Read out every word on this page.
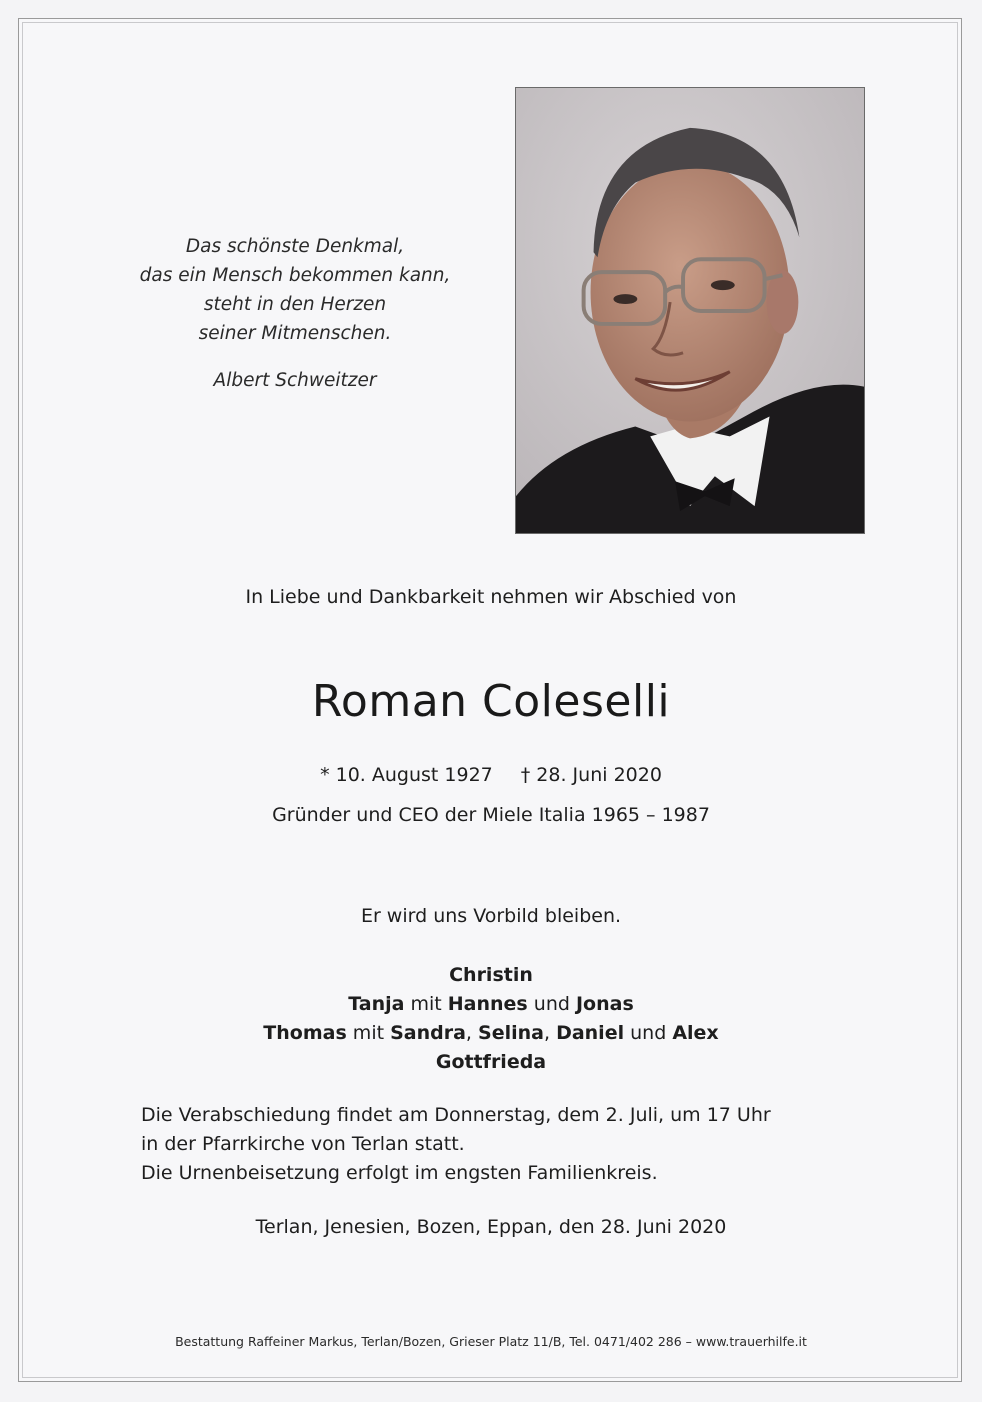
Das schönste Denkmal,
das ein Mensch bekommen kann,
steht in den Herzen
seiner Mitmenschen.
Albert Schweitzer
In Liebe und Dankbarkeit nehmen wir Abschied von
Roman Coleselli
* 10. August 1927 † 28. Juni 2020
Gründer und CEO der Miele Italia 1965 – 1987
Er wird uns Vorbild bleiben.
Christin
Tanja mit Hannes und Jonas
Thomas mit Sandra, Selina, Daniel und Alex
Gottfrieda
Die Verabschiedung findet am Donnerstag, dem 2. Juli, um 17 Uhr
in der Pfarrkirche von Terlan statt.
Die Urnenbeisetzung erfolgt im engsten Familienkreis.
Terlan, Jenesien, Bozen, Eppan, den 28. Juni 2020
Bestattung Raffeiner Markus, Terlan/Bozen, Grieser Platz 11/B, Tel. 0471/402 286 – www.trauerhilfe.it
